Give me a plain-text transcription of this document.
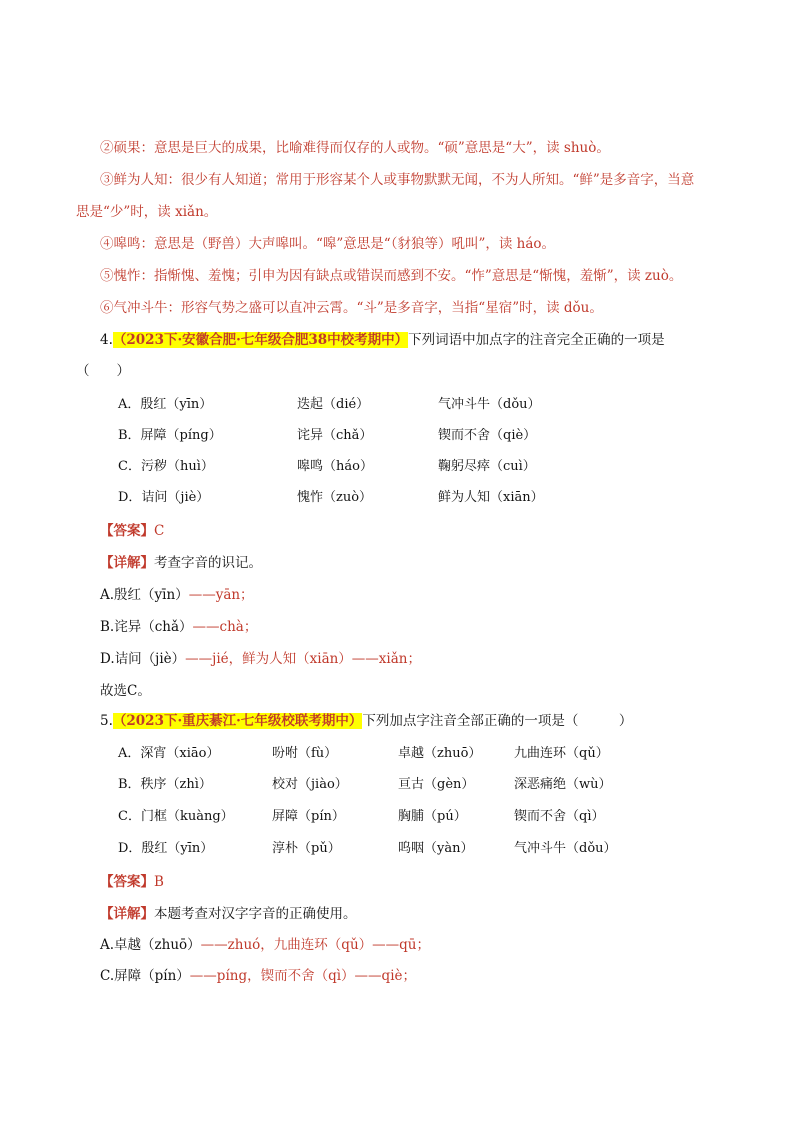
②硕果：意思是巨大的成果，比喻难得而仅存的人或物。“硕”意思是“大”，读 shuò。
③鲜为人知：很少有人知道；常用于形容某个人或事物默默无闻，不为人所知。“鲜”是多音字，当意
思是“少”时，读 xiǎn。
④嗥鸣：意思是（野兽）大声嗥叫。“嗥”意思是“（豺狼等）吼叫”，读 háo。
⑤愧怍：指惭愧、羞愧；引申为因有缺点或错误而感到不安。“怍”意思是“惭愧，羞惭”，读 zuò。
⑥气冲斗牛：形容气势之盛可以直冲云霄。“斗”是多音字，当指“星宿”时，读 dǒu。
4.（2023下·安徽合肥·七年级合肥38中校考期中）下列词语中加点字的注音完全正确的一项是
（　　）
A．殷红（yīn）	迭起（dié）	气冲斗牛（dǒu）
B．屏障（píng）	诧异（chǎ）	锲而不舍（qiè）
C．污秽（huì）	嗥鸣（háo）	鞠躬尽瘁（cuì）
D．诘问（jiè）	愧怍（zuò）	鲜为人知（xiān）
【答案】C
【详解】考查字音的识记。
A.殷红（yīn）——yān；
B.诧异（chǎ）——chà；
D.诘问（jiè）——jié，鲜为人知（xiān）——xiǎn；
故选C。
5.（2023下·重庆綦江·七年级校联考期中）下列加点字注音全部正确的一项是（　　　）
A．深宵（xiāo）	吩咐（fù）	卓越（zhuō）	九曲连环（qǔ）
B．秩序（zhì）	校对（jiào）	亘古（gèn）	深恶痛绝（wù）
C．门框（kuàng）	屏障（pín）	胸脯（pú）	锲而不舍（qì）
D．殷红（yīn）	淳朴（pǔ）	呜咽（yàn）	气冲斗牛（dǒu）
【答案】B
【详解】本题考查对汉字字音的正确使用。
A.卓越（zhuō）——zhuó，九曲连环（qǔ）——qū；
C.屏障（pín）——píng，锲而不舍（qì）——qiè；
